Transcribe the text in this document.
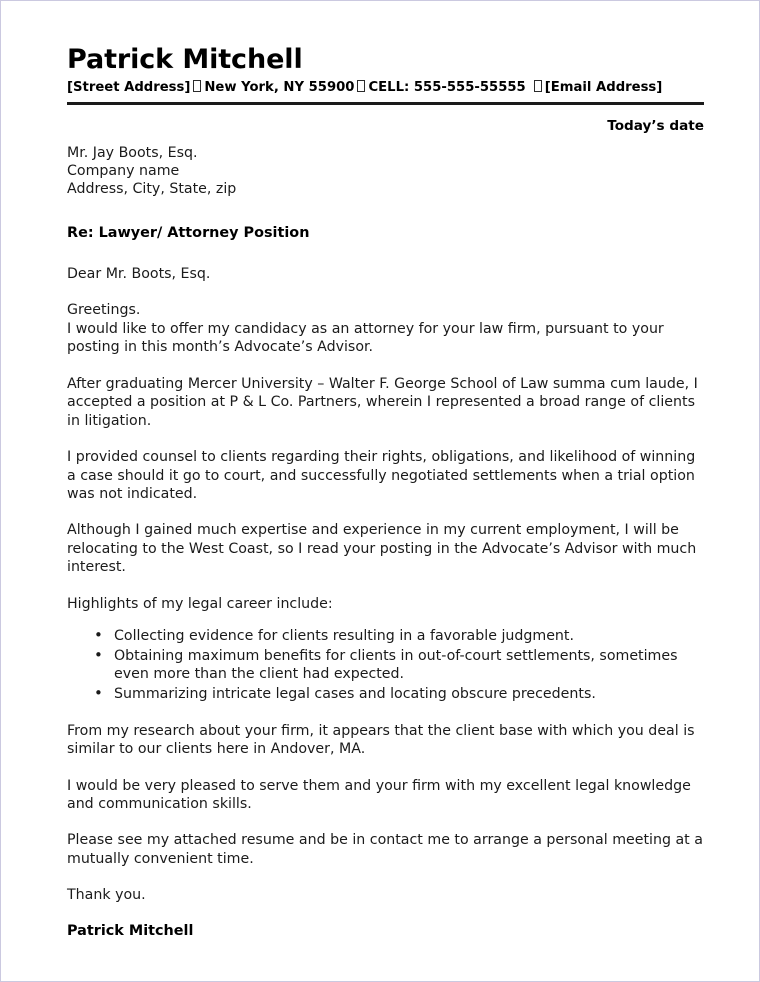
Patrick Mitchell
[Street Address] New York, NY 55900 CELL: 555-555-55555 [Email Address]
Today’s date
Mr. Jay Boots, Esq.
Company name
Address, City, State, zip
Re: Lawyer/ Attorney Position
Dear Mr. Boots, Esq.
Greetings.
I would like to offer my candidacy as an attorney for your law firm, pursuant to your posting in this month’s Advocate’s Advisor.

After graduating Mercer University – Walter F. George School of Law summa cum laude, I accepted a position at P & L Co. Partners, wherein I represented a broad range of clients in litigation.

I provided counsel to clients regarding their rights, obligations, and likelihood of winning a case should it go to court, and successfully negotiated settlements when a trial option was not indicated.

Although I gained much expertise and experience in my current employment, I will be relocating to the West Coast, so I read your posting in the Advocate’s Advisor with much interest.

Highlights of my legal career include:

• Collecting evidence for clients resulting in a favorable judgment.
• Obtaining maximum benefits for clients in out-of-court settlements, sometimes even more than the client had expected.
• Summarizing intricate legal cases and locating obscure precedents.

From my research about your firm, it appears that the client base with which you deal is similar to our clients here in Andover, MA.

I would be very pleased to serve them and your firm with my excellent legal knowledge and communication skills.

Please see my attached resume and be in contact me to arrange a personal meeting at a mutually convenient time.

Thank you.
Patrick Mitchell
